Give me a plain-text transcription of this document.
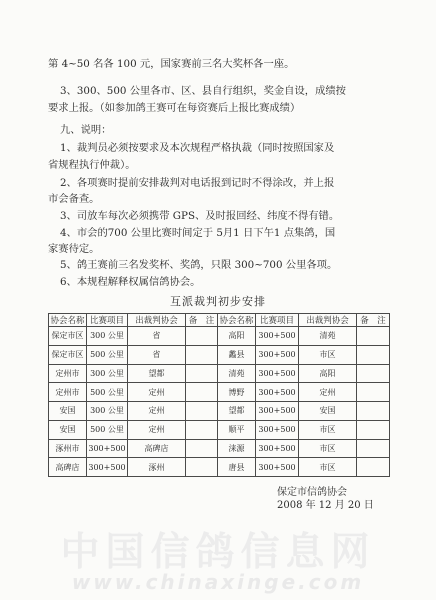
第 4~50 名各 100 元，国家赛前三名大奖杯各一座。
3、300、500 公里各市、区、县自行组织，奖金自设，成绩按
要求上报。（如参加鸽王赛可在每资赛后上报比赛成绩）
九、说明：
1、裁判员必须按要求及本次规程严格执裁（同时按照国家及
省规程执行仲裁）。
2、各项赛时提前安排裁判对电话报到记时不得涂改，并上报
市会备查。
3、司放车每次必须携带 GPS、及时报回经、纬度不得有错。
4、市会的700 公里比赛时间定于 5月1 日下午1 点集鸽，国
家赛待定。
5、鸽王赛前三名发奖杯、奖鸽，只限 300~700 公里各项。
6、本规程解释权属信鸽协会。
互派裁判初步安排
协会名称	比赛项目	出裁判协会	备　注	协会名称	比赛项目	出裁判协会	备　注
保定市区	300 公里	省		高阳	300+500	清苑	
保定市区	500 公里	省		蠡县	300+500	市区	
定州市	300 公里	望都		清苑	300+500	高阳	
定州市	500 公里	定州		博野	300+500	定州	
安国	300 公里	定州		望都	300+500	安国	
安国	500 公里	定州		顺平	300+500	市区	
涿州市	300+500	高碑店		涞源	300+500	市区	
高碑店	300+500	涿州		唐县	300+500	市区	
保定市信鸽协会
2008 年 12 月 20 日
中国信鸽信息网
www.chinaxinge.com
